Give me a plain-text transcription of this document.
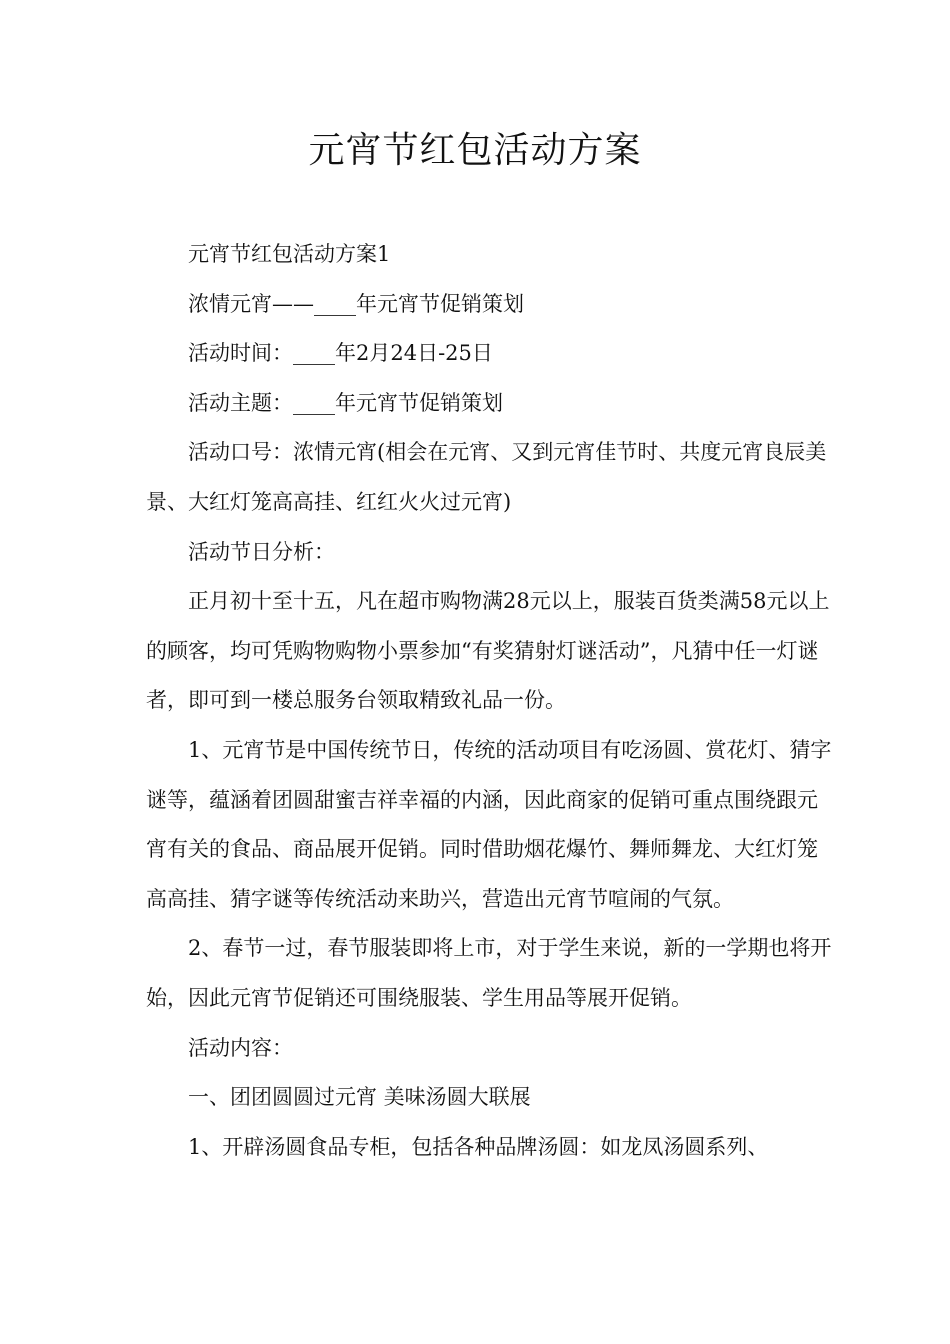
元宵节红包活动方案

元宵节红包活动方案1

浓情元宵——____年元宵节促销策划

活动时间：____年2月24日-25日

活动主题：____年元宵节促销策划

活动口号：浓情元宵(相会在元宵、又到元宵佳节时、共度元宵良辰美景、大红灯笼高高挂、红红火火过元宵)

活动节日分析：

正月初十至十五，凡在超市购物满28元以上，服装百货类满58元以上的顾客，均可凭购物购物小票参加“有奖猜射灯谜活动”，凡猜中任一灯谜者，即可到一楼总服务台领取精致礼品一份。

1、元宵节是中国传统节日，传统的活动项目有吃汤圆、赏花灯、猜字谜等，蕴涵着团圆甜蜜吉祥幸福的内涵，因此商家的促销可重点围绕跟元宵有关的食品、商品展开促销。同时借助烟花爆竹、舞师舞龙、大红灯笼高高挂、猜字谜等传统活动来助兴，营造出元宵节喧闹的气氛。

2、春节一过，春节服装即将上市，对于学生来说，新的一学期也将开始，因此元宵节促销还可围绕服装、学生用品等展开促销。

活动内容：

一、团团圆圆过元宵 美味汤圆大联展

1、开辟汤圆食品专柜，包括各种品牌汤圆：如龙凤汤圆系列、
